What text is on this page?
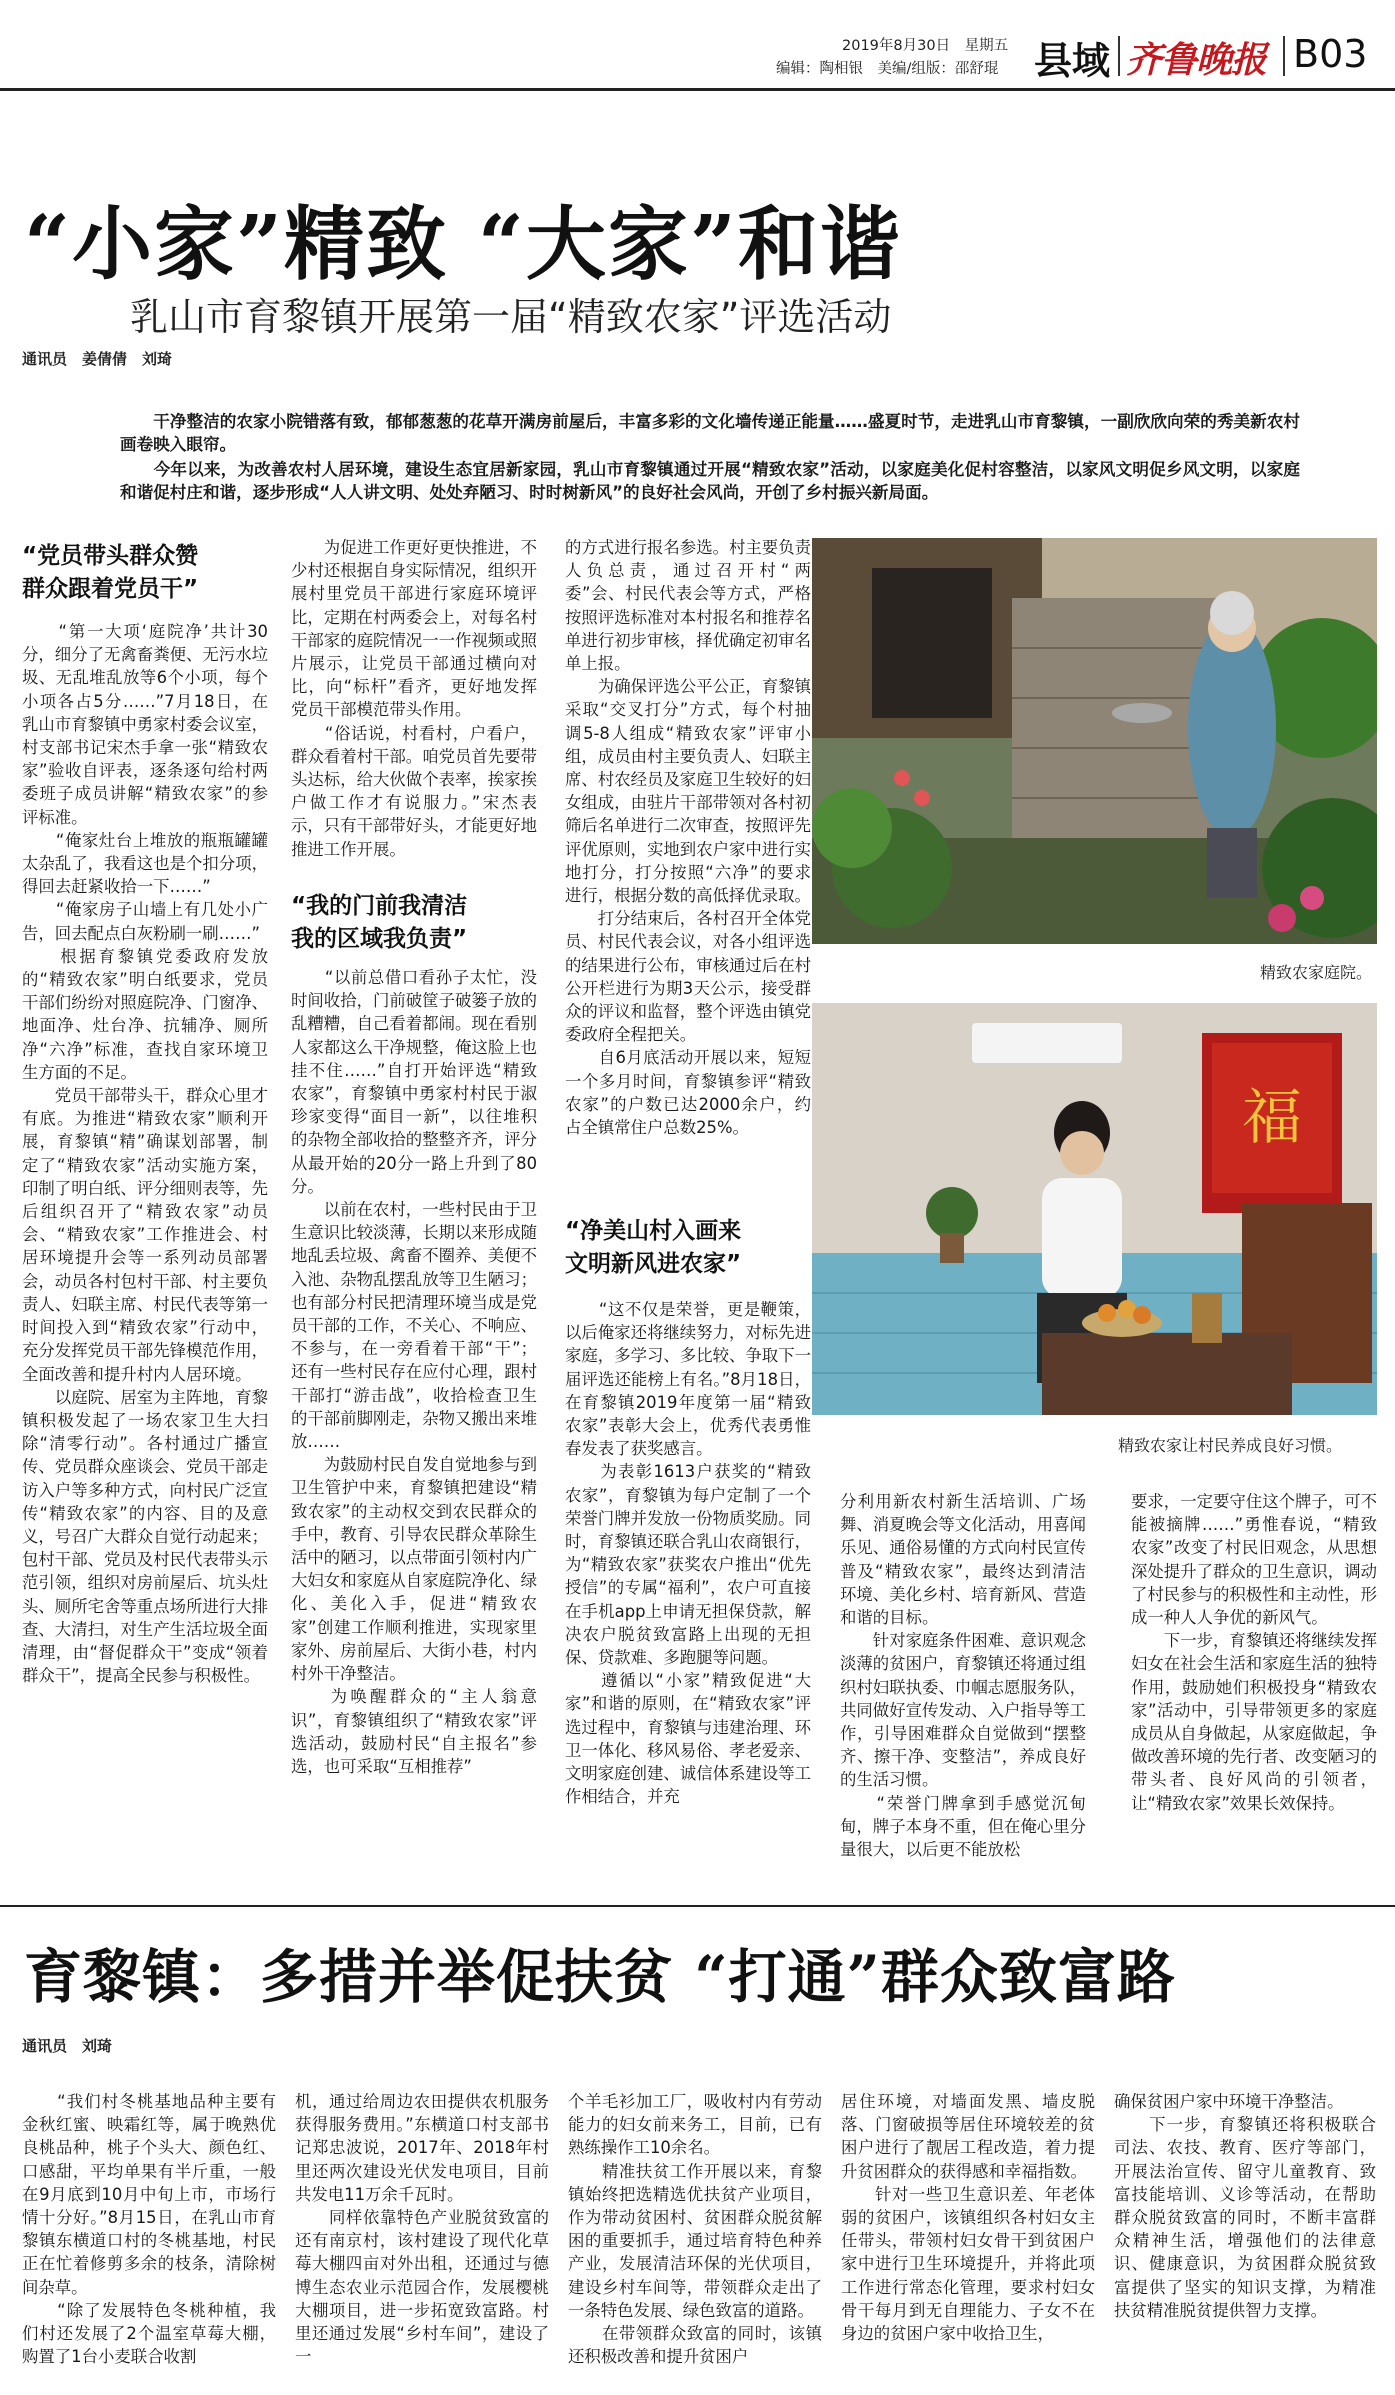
2019年8月30日　星期五
编辑：陶相银　美编/组版：邵舒琨 县域 齐鲁晚报 B03
“小家”精致 “大家”和谐
乳山市育黎镇开展第一届“精致农家”评选活动
通讯员　姜倩倩　刘琦
　　干净整洁的农家小院错落有致，郁郁葱葱的花草开满房前屋后，丰富多彩的文化墙传递正能量……盛夏时节，走进乳山市育黎镇，一副欣欣向荣的秀美新农村画卷映入眼帘。
　　今年以来，为改善农村人居环境，建设生态宜居新家园，乳山市育黎镇通过开展“精致农家”活动，以家庭美化促村容整洁，以家风文明促乡风文明，以家庭和谐促村庄和谐，逐步形成“人人讲文明、处处弃陋习、时时树新风”的良好社会风尚，开创了乡村振兴新局面。
“党员带头群众赞
群众跟着党员干”
　　“第一大项‘庭院净’共计30分，细分了无禽畜粪便、无污水垃圾、无乱堆乱放等6个小项，每个小项各占5分……”7月18日，在乳山市育黎镇中勇家村委会议室，村支部书记宋杰手拿一张“精致农家”验收自评表，逐条逐句给村两委班子成员讲解“精致农家”的参评标准。
　　“俺家灶台上堆放的瓶瓶罐罐太杂乱了，我看这也是个扣分项，得回去赶紧收拾一下……”
　　“俺家房子山墙上有几处小广告，回去配点白灰粉刷一刷……”
　　根据育黎镇党委政府发放的“精致农家”明白纸要求，党员干部们纷纷对照庭院净、门窗净、地面净、灶台净、抗辅净、厕所净“六净”标准，查找自家环境卫生方面的不足。
　　党员干部带头干，群众心里才有底。为推进“精致农家”顺利开展，育黎镇“精”确谋划部署，制定了“精致农家”活动实施方案，印制了明白纸、评分细则表等，先后组织召开了“精致农家”动员会、“精致农家”工作推进会、村居环境提升会等一系列动员部署会，动员各村包村干部、村主要负责人、妇联主席、村民代表等第一时间投入到“精致农家”行动中，充分发挥党员干部先锋模范作用，全面改善和提升村内人居环境。
　　以庭院、居室为主阵地，育黎镇积极发起了一场农家卫生大扫除“清零行动”。各村通过广播宣传、党员群众座谈会、党员干部走访入户等多种方式，向村民广泛宣传“精致农家”的内容、目的及意义，号召广大群众自觉行动起来；包村干部、党员及村民代表带头示范引领，组织对房前屋后、坑头灶头、厕所宅舍等重点场所进行大排查、大清扫，对生产生活垃圾全面清理，由“督促群众干”变成“领着群众干”，提高全民参与积极性。
　　为促进工作更好更快推进，不少村还根据自身实际情况，组织开展村里党员干部进行家庭环境评比，定期在村两委会上，对每名村干部家的庭院情况一一作视频或照片展示，让党员干部通过横向对比，向“标杆”看齐，更好地发挥党员干部模范带头作用。
　　“俗话说，村看村，户看户，群众看着村干部。咱党员首先要带头达标，给大伙做个表率，挨家挨户做工作才有说服力。”宋杰表示，只有干部带好头，才能更好地推进工作开展。
“我的门前我清洁
我的区域我负责”
　　“以前总借口看孙子太忙，没时间收拾，门前破筐子破篓子放的乱糟糟，自己看着都闹。现在看别人家都这么干净规整，俺这脸上也挂不住……”自打开始评选“精致农家”，育黎镇中勇家村村民于淑珍家变得“面目一新”，以往堆积的杂物全部收拾的整整齐齐，评分从最开始的20分一路上升到了80分。
　　以前在农村，一些村民由于卫生意识比较淡薄，长期以来形成随地乱丢垃圾、禽畜不圈养、美便不入池、杂物乱摆乱放等卫生陋习；也有部分村民把清理环境当成是党员干部的工作，不关心、不响应、不参与，在一旁看着干部“干”；还有一些村民存在应付心理，跟村干部打“游击战”，收拾检查卫生的干部前脚刚走，杂物又搬出来堆放……
　　为鼓励村民自发自觉地参与到卫生管护中来，育黎镇把建设“精致农家”的主动权交到农民群众的手中，教育、引导农民群众革除生活中的陋习，以点带面引领村内广大妇女和家庭从自家庭院净化、绿化、美化入手，促进“精致农家”创建工作顺利推进，实现家里家外、房前屋后、大街小巷，村内村外干净整洁。
　　为唤醒群众的“主人翁意识”，育黎镇组织了“精致农家”评选活动，鼓励村民“自主报名”参选，也可采取“互相推荐”
的方式进行报名参选。村主要负责人负总责，通过召开村“两委”会、村民代表会等方式，严格按照评选标准对本村报名和推荐名单进行初步审核，择优确定初审名单上报。
　　为确保评选公平公正，育黎镇采取“交叉打分”方式，每个村抽调5-8人组成“精致农家”评审小组，成员由村主要负责人、妇联主席、村农经员及家庭卫生较好的妇女组成，由驻片干部带领对各村初筛后名单进行二次审查，按照评先评优原则，实地到农户家中进行实地打分，打分按照“六净”的要求进行，根据分数的高低择优录取。
　　打分结束后，各村召开全体党员、村民代表会议，对各小组评选的结果进行公布，审核通过后在村公开栏进行为期3天公示，接受群众的评议和监督，整个评选由镇党委政府全程把关。
　　自6月底活动开展以来，短短一个多月时间，育黎镇参评“精致农家”的户数已达2000余户，约占全镇常住户总数25%。
“净美山村入画来
文明新风进农家”
　　“这不仅是荣誉，更是鞭策，以后俺家还将继续努力，对标先进家庭，多学习、多比较、争取下一届评选还能榜上有名。”8月18日，在育黎镇2019年度第一届“精致农家”表彰大会上，优秀代表勇惟春发表了获奖感言。
　　为表彰1613户获奖的“精致农家”，育黎镇为每户定制了一个荣誉门牌并发放一份物质奖励。同时，育黎镇还联合乳山农商银行，为“精致农家”获奖农户推出“优先授信”的专属“福利”，农户可直接在手机app上申请无担保贷款，解决农户脱贫致富路上出现的无担保、贷款难、多跑腿等问题。
　　遵循以“小家”精致促进“大家”和谐的原则，在“精致农家”评选过程中，育黎镇与违建治理、环卫一体化、移风易俗、孝老爱亲、文明家庭创建、诚信体系建设等工作相结合，并充
精致农家庭院。
福
精致农家让村民养成良好习惯。
分利用新农村新生活培训、广场舞、消夏晚会等文化活动，用喜闻乐见、通俗易懂的方式向村民宣传普及“精致农家”，最终达到清洁环境、美化乡村、培育新风、营造和谐的目标。
　　针对家庭条件困难、意识观念淡薄的贫困户，育黎镇还将通过组织村妇联执委、巾帼志愿服务队，共同做好宣传发动、入户指导等工作，引导困难群众自觉做到“摆整齐、擦干净、变整洁”，养成良好的生活习惯。
　　“荣誉门牌拿到手感觉沉甸甸，牌子本身不重，但在俺心里分量很大，以后更不能放松
要求，一定要守住这个牌子，可不能被摘牌……”勇惟春说，“精致农家”改变了村民旧观念，从思想深处提升了群众的卫生意识，调动了村民参与的积极性和主动性，形成一种人人争优的新风气。
　　下一步，育黎镇还将继续发挥妇女在社会生活和家庭生活的独特作用，鼓励她们积极投身“精致农家”活动中，引导带领更多的家庭成员从自身做起，从家庭做起，争做改善环境的先行者、改变陋习的带头者、良好风尚的引领者，让“精致农家”效果长效保持。
育黎镇：多措并举促扶贫 “打通”群众致富路
通讯员　刘琦
　　“我们村冬桃基地品种主要有金秋红蜜、映霜红等，属于晚熟优良桃品种，桃子个头大、颜色红、口感甜，平均单果有半斤重，一般在9月底到10月中旬上市，市场行情十分好。”8月15日，在乳山市育黎镇东横道口村的冬桃基地，村民正在忙着修剪多余的枝条，清除树间杂草。
　　“除了发展特色冬桃种植，我们村还发展了2个温室草莓大棚，购置了1台小麦联合收割
机，通过给周边农田提供农机服务获得服务费用。”东横道口村支部书记郑忠波说，2017年、2018年村里还两次建设光伏发电项目，目前共发电11万余千瓦时。
　　同样依靠特色产业脱贫致富的还有南京村，该村建设了现代化草莓大棚四亩对外出租，还通过与德博生态农业示范园合作，发展樱桃大棚项目，进一步拓宽致富路。村里还通过发展“乡村车间”，建设了一
个羊毛衫加工厂，吸收村内有劳动能力的妇女前来务工，目前，已有熟练操作工10余名。
　　精准扶贫工作开展以来，育黎镇始终把选精选优扶贫产业项目，作为带动贫困村、贫困群众脱贫解困的重要抓手，通过培育特色种养产业，发展清洁环保的光伏项目，建设乡村车间等，带领群众走出了一条特色发展、绿色致富的道路。
　　在带领群众致富的同时，该镇还积极改善和提升贫困户
居住环境，对墙面发黑、墙皮脱落、门窗破损等居住环境较差的贫困户进行了靓居工程改造，着力提升贫困群众的获得感和幸福指数。
　　针对一些卫生意识差、年老体弱的贫困户，该镇组织各村妇女主任带头，带领村妇女骨干到贫困户家中进行卫生环境提升，并将此项工作进行常态化管理，要求村妇女骨干每月到无自理能力、子女不在身边的贫困户家中收拾卫生，
确保贫困户家中环境干净整洁。
　　下一步，育黎镇还将积极联合司法、农技、教育、医疗等部门，开展法治宣传、留守儿童教育、致富技能培训、义诊等活动，在帮助群众脱贫致富的同时，不断丰富群众精神生活，增强他们的法律意识、健康意识，为贫困群众脱贫致富提供了坚实的知识支撑，为精准扶贫精准脱贫提供智力支撑。
